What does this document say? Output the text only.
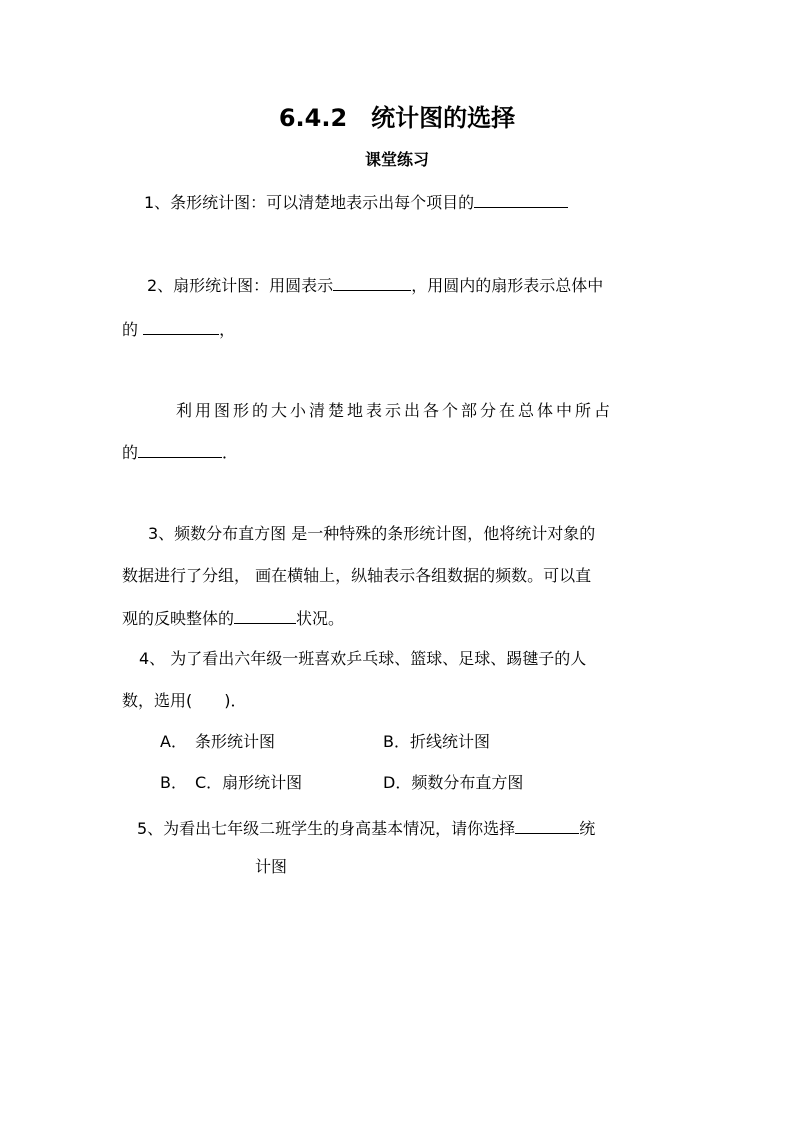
6.4.2　统计图的选择
课堂练习
1、条形统计图：可以清楚地表示出每个项目的
2、扇形统计图：用圆表示	，用圆内的扇形表示总体中
的	，
利用图形的大小清楚地表示出各个部分在总体中所占
的	．
3、频数分布直方图 是一种特殊的条形统计图，他将统计对象的
数据进行了分组， 画在横轴上，纵轴表示各组数据的频数。可以直
观的反映整体的	状况。
4、 为了看出六年级一班喜欢乒乓球、篮球、足球、踢毽子的人
数，选用(　　)．
A．　条形统计图	B．折线统计图
B．　C．扇形统计图	D．频数分布直方图
5、为看出七年级二班学生的身高基本情况，请你选择	统
计图
